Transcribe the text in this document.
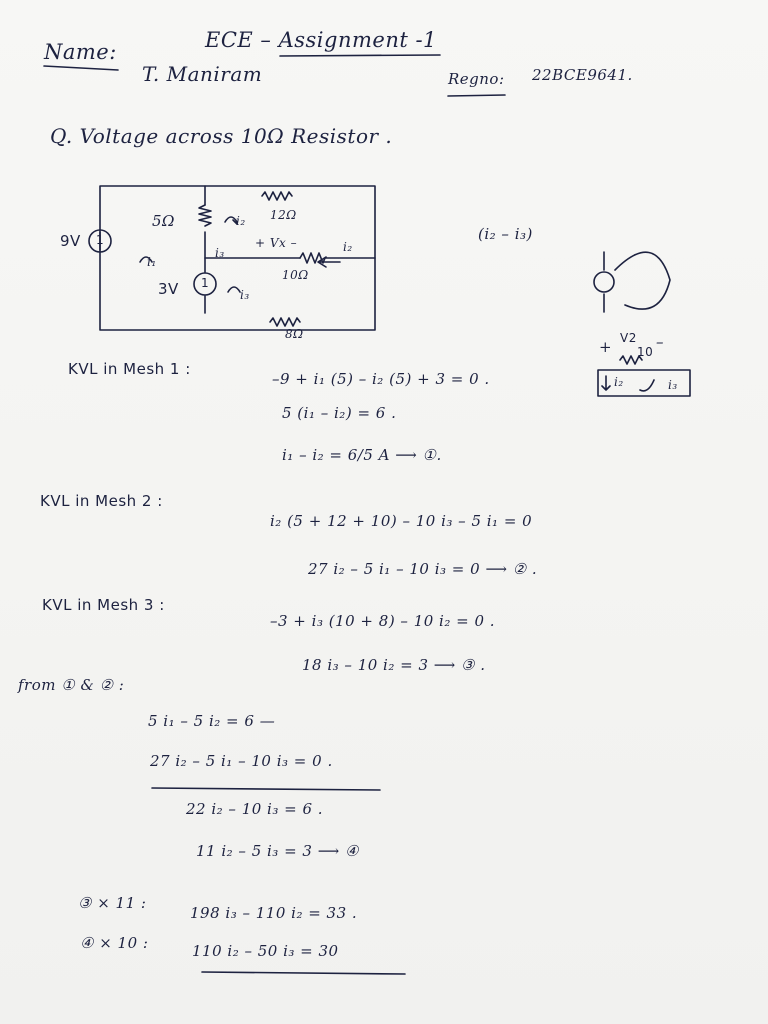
ECE – Assignment -1
Name:
T. Maniram	Regno: 22BCE9641.
Q. Voltage across 10Ω Resistor .
9V 1
3V 1
5Ω	12Ω
10Ω
8Ω
i₁
i₂
i₃
+ Vx –
i₃
i₂
(i₂ – i₃)
V2
10
+	–
i₂	i₃
KVL in Mesh 1 :
–9 + i₁ (5) – i₂ (5) + 3 = 0 .
5 (i₁ – i₂) = 6 .
i₁ – i₂ = 6/5 A ⟶ ①.
KVL in Mesh 2 :
i₂ (5 + 12 + 10) – 10 i₃ – 5 i₁ = 0
27 i₂ – 5 i₁ – 10 i₃ = 0 ⟶ ② .
KVL in Mesh 3 :
–3 + i₃ (10 + 8) – 10 i₂ = 0 .
18 i₃ – 10 i₂ = 3 ⟶ ③ .
from ① & ② :
5 i₁ – 5 i₂ = 6 —
27 i₂ – 5 i₁ – 10 i₃ = 0 .
22 i₂ – 10 i₃ = 6 .
11 i₂ – 5 i₃ = 3 ⟶ ④
③ × 11 :
198 i₃ – 110 i₂ = 33 .
④ × 10 :	110 i₂ – 50 i₃ = 30
